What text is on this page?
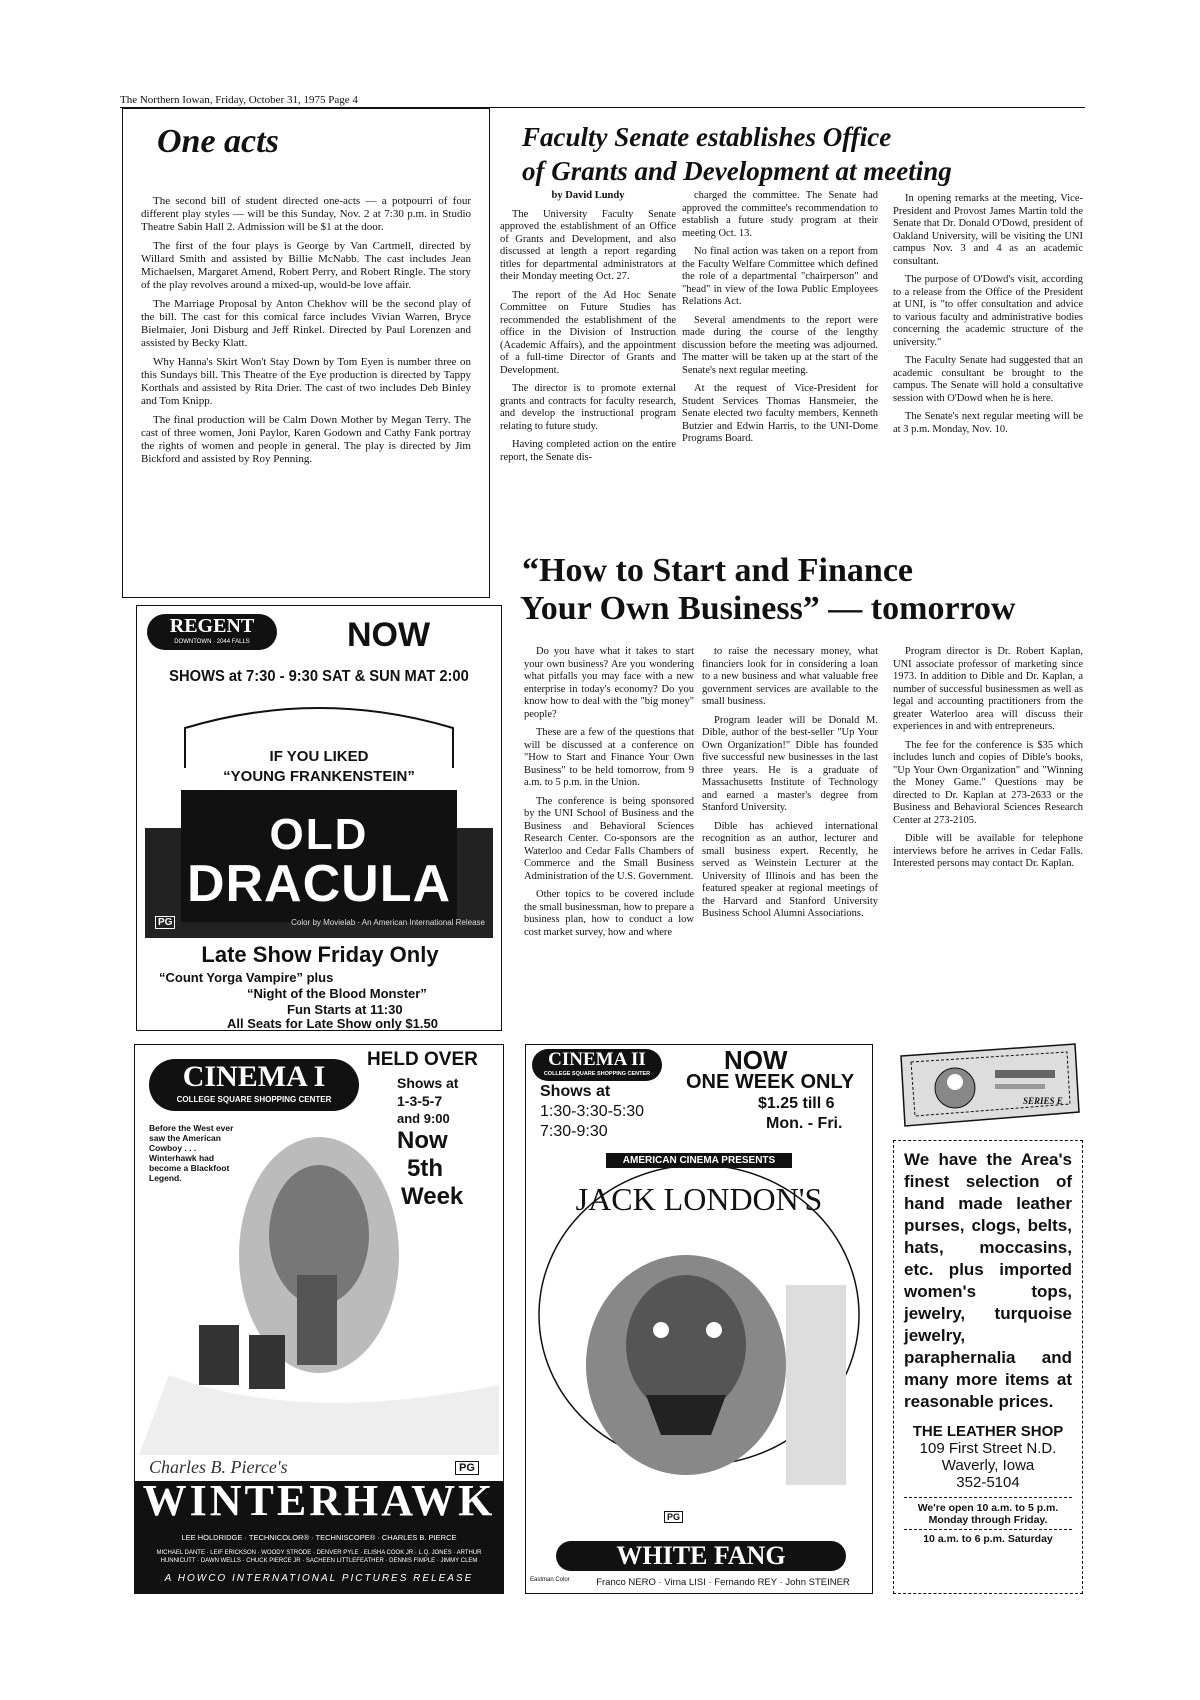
The Northern Iowan, Friday, October 31, 1975 Page 4
One acts

The second bill of student directed one-acts — a potpourri of four different play styles — will be this Sunday, Nov. 2 at 7:30 p.m. in Studio Theatre Sabin Hall 2. Admission will be $1 at the door.

The first of the four plays is George by Van Cartmell, directed by Willard Smith and assisted by Billie McNabb. The cast includes Jean Michaelsen, Margaret Amend, Robert Perry, and Robert Ringle. The story of the play revolves around a mixed-up, would-be love affair.

The Marriage Proposal by Anton Chekhov will be the second play of the bill. The cast for this comical farce includes Vivian Warren, Bryce Bielmaier, Joni Disburg and Jeff Rinkel. Directed by Paul Lorenzen and assisted by Becky Klatt.

Why Hanna's Skirt Won't Stay Down by Tom Eyen is number three on this Sundays bill. This Theatre of the Eye production is directed by Tappy Korthals and assisted by Rita Drier. The cast of two includes Deb Binley and Tom Knipp.

The final production will be Calm Down Mother by Megan Terry. The cast of three women, Joni Paylor, Karen Godown and Cathy Fank portray the rights of women and people in general. The play is directed by Jim Bickford and assisted by Roy Penning.

Faculty Senate establishes Office
of Grants and Development at meeting

by David Lundy

The University Faculty Senate approved the establishment of an Office of Grants and Development, and also discussed at length a report regarding titles for departmental administrators at their Monday meeting Oct. 27.

The report of the Ad Hoc Senate Committee on Future Studies has recommended the establishment of the office in the Division of Instruction (Academic Affairs), and the appointment of a full-time Director of Grants and Development.

The director is to promote external grants and contracts for faculty research, and develop the instructional program relating to future study.

Having completed action on the entire report, the Senate dis-

charged the committee. The Senate had approved the committee's recommendation to establish a future study program at their meeting Oct. 13.

No final action was taken on a report from the Faculty Welfare Committee which defined the role of a departmental "chairperson" and "head" in view of the Iowa Public Employees Relations Act.

Several amendments to the report were made during the course of the lengthy discussion before the meeting was adjourned. The matter will be taken up at the start of the Senate's next regular meeting.

At the request of Vice-President for Student Services Thomas Hansmeier, the Senate elected two faculty members, Kenneth Butzier and Edwin Harris, to the UNI-Dome Programs Board.

In opening remarks at the meeting, Vice-President and Provost James Martin told the Senate that Dr. Donald O'Dowd, president of Oakland University, will be visiting the UNI campus Nov. 3 and 4 as an academic consultant.

The purpose of O'Dowd's visit, according to a release from the Office of the President at UNI, is "to offer consultation and advice to various faculty and administrative bodies concerning the academic structure of the university."

The Faculty Senate had suggested that an academic consultant be brought to the campus. The Senate will hold a consultative session with O'Dowd when he is here.

The Senate's next regular meeting will be at 3 p.m. Monday, Nov. 10.

“How to Start and Finance
Your Own Business” — tomorrow

Do you have what it takes to start your own business? Are you wondering what pitfalls you may face with a new enterprise in today's economy? Do you know how to deal with the "big money" people?

These are a few of the questions that will be discussed at a conference on "How to Start and Finance Your Own Business" to be held tomorrow, from 9 a.m. to 5 p.m. in the Union.

The conference is being sponsored by the UNI School of Business and the Business and Behavioral Sciences Research Center. Co-sponsors are the Waterloo and Cedar Falls Chambers of Commerce and the Small Business Administration of the U.S. Government.

Other topics to be covered include the small businessman, how to prepare a business plan, how to conduct a low cost market survey, how and where

to raise the necessary money, what financiers look for in considering a loan to a new business and what valuable free government services are available to the small business.

Program leader will be Donald M. Dible, author of the best-seller "Up Your Own Organization!" Dible has founded five successful new businesses in the last three years. He is a graduate of Massachusetts Institute of Technology and earned a master's degree from Stanford University.

Dible has achieved international recognition as an author, lecturer and small business expert. Recently, he served as Weinstein Lecturer at the University of Illinois and has been the featured speaker at regional meetings of the Harvard and Stanford University Business School Alumni Associations.

Program director is Dr. Robert Kaplan, UNI associate professor of marketing since 1973. In addition to Dible and Dr. Kaplan, a number of successful businessmen as well as legal and accounting practitioners from the greater Waterloo area will discuss their experiences in and with entrepreneurs.

The fee for the conference is $35 which includes lunch and copies of Dible's books, "Up Your Own Organization" and "Winning the Money Game." Questions may be directed to Dr. Kaplan at 273-2633 or the Business and Behavioral Sciences Research Center at 273-2105.

Dible will be available for telephone interviews before he arrives in Cedar Falls. Interested persons may contact Dr. Kaplan.

SERIES E
REGENT
DOWNTOWN · 2044 FALLS	NOW
SHOWS at 7:30 - 9:30 SAT & SUN MAT 2:00
IF YOU LIKED
“YOUNG FRANKENSTEIN”
YOU’LL LOVE “OLD DRACULA”
OLD
DRACULA
PG	Color by Movielab · An American International Release
Late Show Friday Only
“Count Yorga Vampire” plus
“Night of the Blood Monster”
Fun Starts at 11:30
All Seats for Late Show only $1.50
CINEMA I
COLLEGE SQUARE SHOPPING CENTER
HELD OVER
Shows at
1-3-5-7
and 9:00
Now
5th
Week
Before the West ever saw the American Cowboy . . . Winterhawk had become a Blackfoot Legend.
Charles B. Pierce's	PG
WINTERHAWK
LEE HOLDRIDGE · TECHNICOLOR® · TECHNISCOPE® · CHARLES B. PIERCE
MICHAEL DANTE · LEIF ERICKSON · WOODY STRODE · DENVER PYLE · ELISHA COOK JR · L.Q. JONES · ARTHUR HUNNICUTT · DAWN WELLS · CHUCK PIERCE JR · SACHEEN LITTLEFEATHER · DENNIS FIMPLE · JIMMY CLEM
A HOWCO INTERNATIONAL PICTURES RELEASE
CINEMA II
COLLEGE SQUARE SHOPPING CENTER	NOW
ONE WEEK ONLY
Shows at
1:30-3:30-5:30
7:30-9:30
$1.25 till 6
Mon. - Fri.
AMERICAN CINEMA PRESENTS
JACK LONDON'S
PG
WHITE FANG
Eastman Color	Franco NERO · Virna LISI · Fernando REY · John STEINER
We have the Area's finest selection of hand made leather purses, clogs, belts, hats, moccasins, etc. plus imported women's tops, jewelry, turquoise jewelry, paraphernalia and many more items at reasonable prices.
THE LEATHER SHOP
109 First Street N.D.
Waverly, Iowa
352-5104
We're open 10 a.m. to 5 p.m.
Monday through Friday.
10 a.m. to 6 p.m. Saturday
